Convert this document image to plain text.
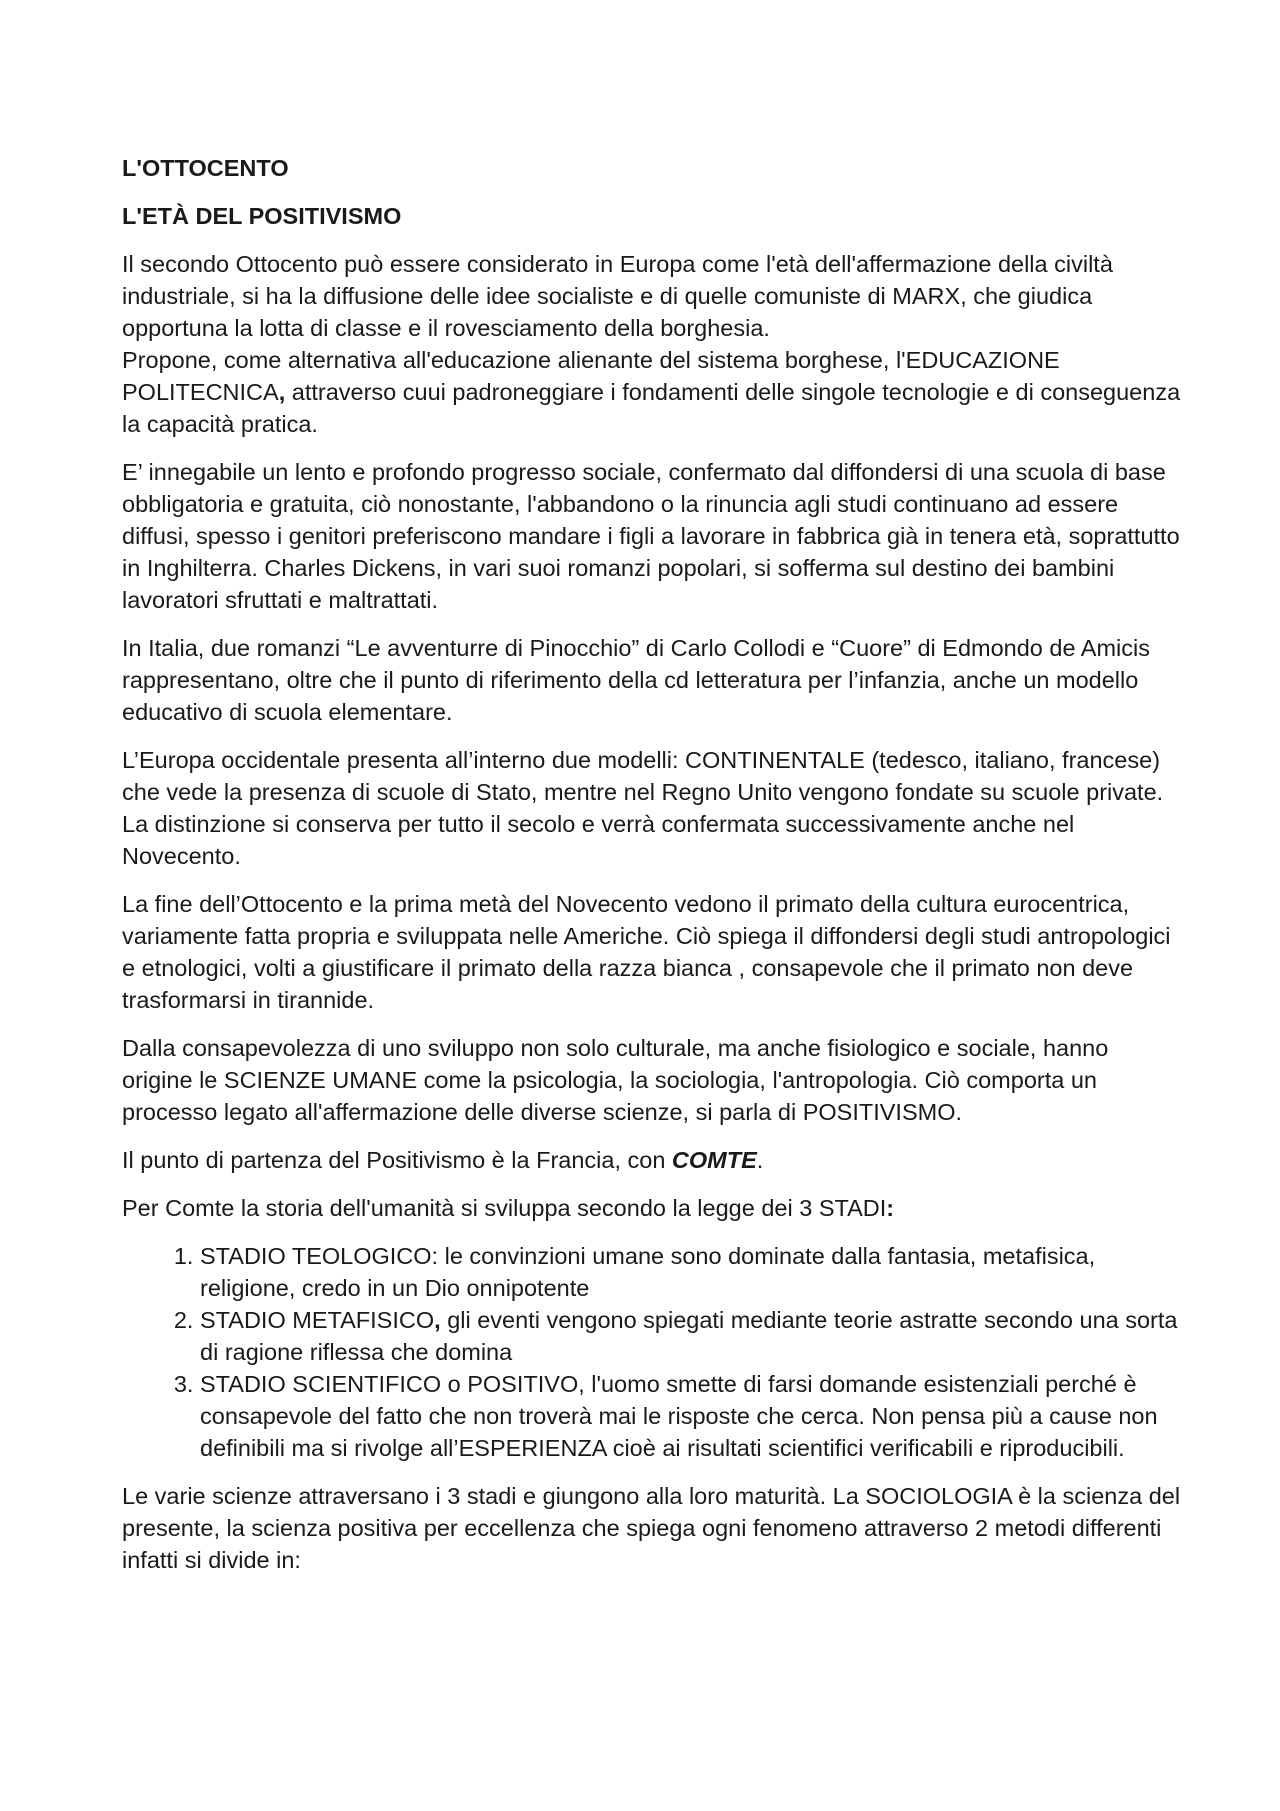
L'OTTOCENTO
L'ETÀ DEL POSITIVISMO

Il secondo Ottocento può essere considerato in Europa come l'età dell'affermazione della civiltà industriale, si ha la diffusione delle idee socialiste e di quelle comuniste di MARX, che giudica opportuna la lotta di classe e il rovesciamento della borghesia.
Propone, come alternativa all'educazione alienante del sistema borghese, l'EDUCAZIONE POLITECNICA, attraverso cuui padroneggiare i fondamenti delle singole tecnologie e di conseguenza la capacità pratica.

E’ innegabile un lento e profondo progresso sociale, confermato dal diffondersi di una scuola di base obbligatoria e gratuita, ciò nonostante, l'abbandono o la rinuncia agli studi continuano ad essere diffusi, spesso i genitori preferiscono mandare i figli a lavorare in fabbrica già in tenera età, soprattutto in Inghilterra. Charles Dickens, in vari suoi romanzi popolari, si sofferma sul destino dei bambini lavoratori sfruttati e maltrattati.

In Italia, due romanzi “Le avventurre di Pinocchio” di Carlo Collodi e “Cuore” di Edmondo de Amicis rappresentano, oltre che il punto di riferimento della cd letteratura per l’infanzia, anche un modello educativo di scuola elementare.

L’Europa occidentale presenta all’interno due modelli: CONTINENTALE (tedesco, italiano, francese) che vede la presenza di scuole di Stato, mentre nel Regno Unito vengono fondate su scuole private. La distinzione si conserva per tutto il secolo e verrà confermata successivamente anche nel Novecento.

La fine dell’Ottocento e la prima metà del Novecento vedono il primato della cultura eurocentrica, variamente fatta propria e sviluppata nelle Americhe. Ciò spiega il diffondersi degli studi antropologici e etnologici, volti a giustificare il primato della razza bianca , consapevole che il primato non deve trasformarsi in tirannide.

Dalla consapevolezza di uno sviluppo non solo culturale, ma anche fisiologico e sociale, hanno origine le SCIENZE UMANE come la psicologia, la sociologia, l'antropologia. Ciò comporta un processo legato all'affermazione delle diverse scienze, si parla di POSITIVISMO.

Il punto di partenza del Positivismo è la Francia, con COMTE.

Per Comte la storia dell'umanità si sviluppa secondo la legge dei 3 STADI:

1. STADIO TEOLOGICO: le convinzioni umane sono dominate dalla fantasia, metafisica, religione, credo in un Dio onnipotente
2. STADIO METAFISICO, gli eventi vengono spiegati mediante teorie astratte secondo una sorta di ragione riflessa che domina
3. STADIO SCIENTIFICO o POSITIVO, l'uomo smette di farsi domande esistenziali perché è consapevole del fatto che non troverà mai le risposte che cerca. Non pensa più a cause non definibili ma si rivolge all’ESPERIENZA cioè ai risultati scientifici verificabili e riproducibili.

Le varie scienze attraversano i 3 stadi e giungono alla loro maturità. La SOCIOLOGIA è la scienza del presente, la scienza positiva per eccellenza che spiega ogni fenomeno attraverso 2 metodi differenti infatti si divide in:
